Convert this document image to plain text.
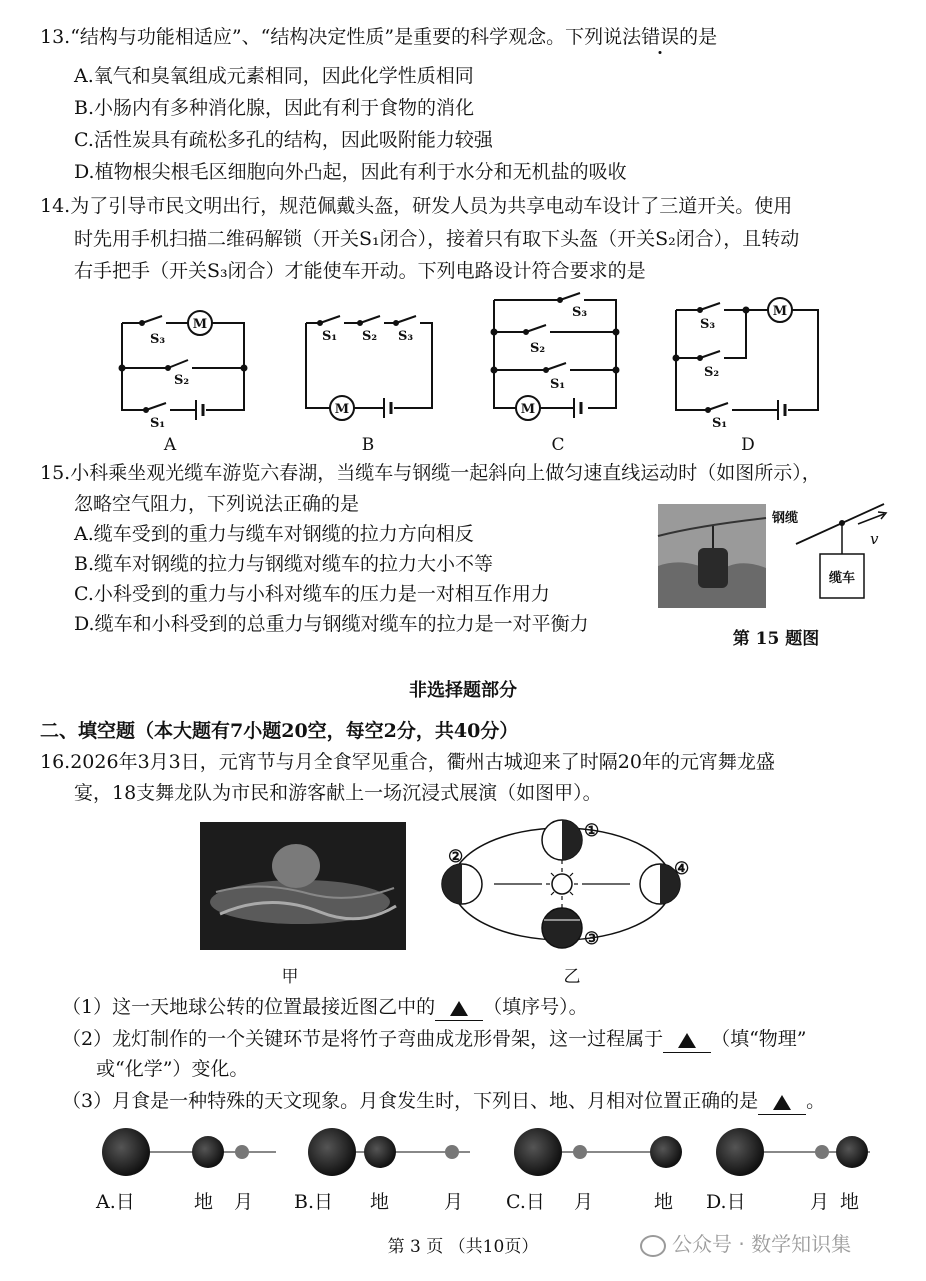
13.“结构与功能相适应”、“结构决定性质”是重要的科学观念。下列说法错误的是
A.氧气和臭氧组成元素相同，因此化学性质相同
B.小肠内有多种消化腺，因此有利于食物的消化
C.活性炭具有疏松多孔的结构，因此吸附能力较强
D.植物根尖根毛区细胞向外凸起，因此有利于水分和无机盐的吸收
14.为了引导市民文明出行，规范佩戴头盔，研发人员为共享电动车设计了三道开关。使用
时先用手机扫描二维码解锁（开关S₁闭合），接着只有取下头盔（开关S₂闭合），且转动
右手把手（开关S₃闭合）才能使车开动。下列电路设计符合要求的是
M
S₃
S₂
S₁
M
S₁ S₂ S₃
M
S₃
S₂
S₁
M
S₃
S₂
S₁
A	B	C	D
15.小科乘坐观光缆车游览六春湖，当缆车与钢缆一起斜向上做匀速直线运动时（如图所示），
忽略空气阻力，下列说法正确的是
A.缆车受到的重力与缆车对钢缆的拉力方向相反
B.缆车对钢缆的拉力与钢缆对缆车的拉力大小不等
C.小科受到的重力与小科对缆车的压力是一对相互作用力
D.缆车和小科受到的总重力与钢缆对缆车的拉力是一对平衡力
钢缆
缆车
v
第 15 题图
非选择题部分
二、填空题（本大题有7小题20空，每空2分，共40分）
16.2026年3月3日，元宵节与月全食罕见重合，衢州古城迎来了时隔20年的元宵舞龙盛
宴，18支舞龙队为市民和游客献上一场沉浸式展演（如图甲）。
甲
①
②
③
④
乙
（1）这一天地球公转的位置最接近图乙中的	（填序号）。
（2）龙灯制作的一个关键环节是将竹子弯曲成龙形骨架，这一过程属于	（填“物理”
或“化学”）变化。
（3）月食是一种特殊的天文现象。月食发生时，下列日、地、月相对位置正确的是	。
A.日	地 月 B.日 地	月 C.日 月	地 D.日	月 地
第 3 页 （共10页）	公众号 · 数学知识集
